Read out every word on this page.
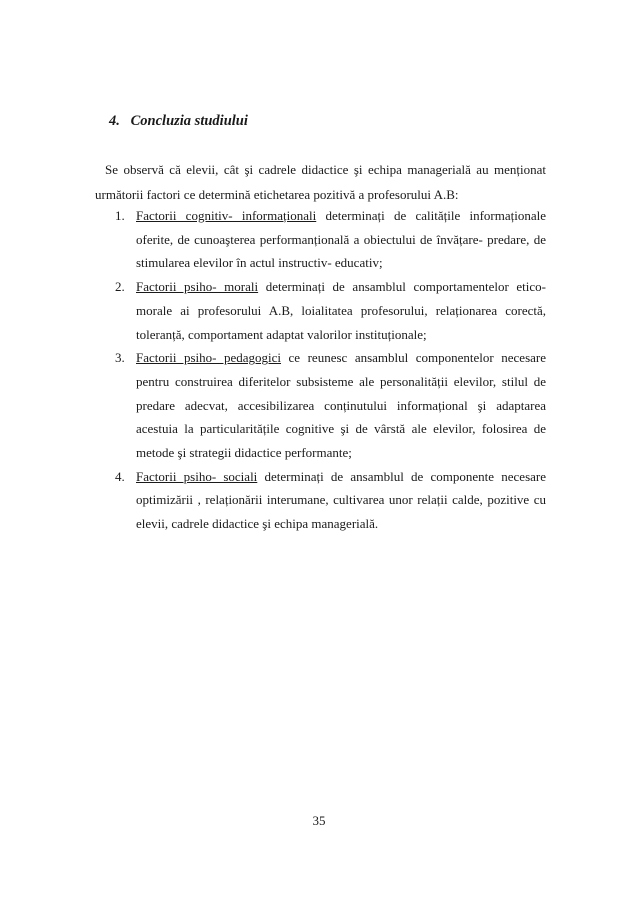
4. Concluzia studiului

Se observă că elevii, cât şi cadrele didactice şi echipa managerială au menționat următorii factori ce determină etichetarea pozitivă a profesorului A.B:

1. Factorii cognitiv- informaționali determinați de calitățile informaționale oferite, de cunoaşterea performanțională a obiectului de învățare- predare, de stimularea elevilor în actul instructiv- educativ;
2. Factorii psiho- morali determinați de ansamblul comportamentelor etico- morale ai profesorului A.B, loialitatea profesorului, relaționarea corectă, toleranță, comportament adaptat valorilor instituționale;
3. Factorii psiho- pedagogici ce reunesc ansamblul componentelor necesare pentru construirea diferitelor subsisteme ale personalității elevilor, stilul de predare adecvat, accesibilizarea conținutului informațional şi adaptarea acestuia la particularitățile cognitive şi de vârstă ale elevilor, folosirea de metode şi strategii didactice performante;
4. Factorii psiho- sociali determinați de ansamblul de componente necesare optimizării , relaționării interumane, cultivarea unor relații calde, pozitive cu elevii, cadrele didactice şi echipa managerială.
35
